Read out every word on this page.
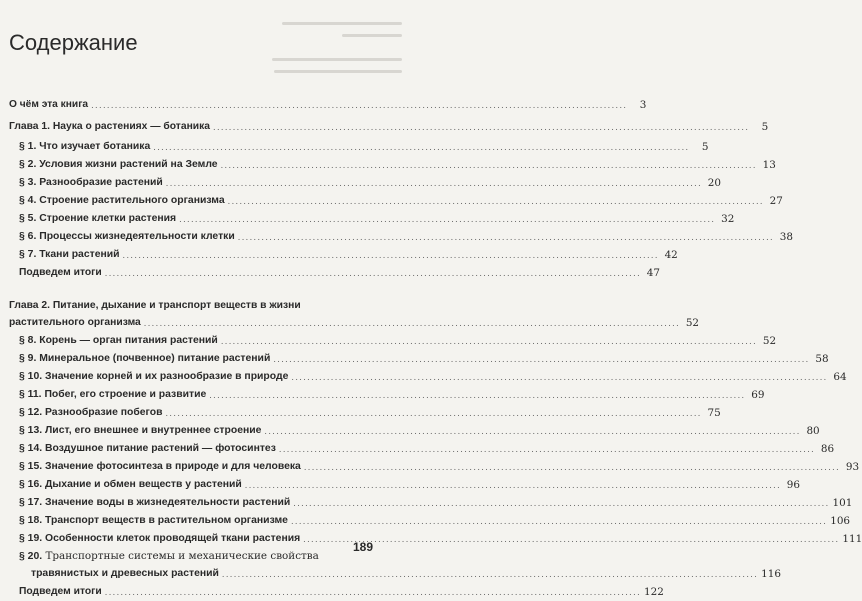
Содержание
О чём эта книга ........................................................................................................................................	3
Глава 1. Наука о растениях — ботаника ........................................................................................................................................	5
§ 1. Что изучает ботаника ........................................................................................................................................	5
§ 2. Условия жизни растений на Земле ........................................................................................................................................ 13
§ 3. Разнообразие растений ........................................................................................................................................ 20
§ 4. Строение растительного организма ........................................................................................................................................ 27
§ 5. Строение клетки растения ........................................................................................................................................ 32
§ 6. Процессы жизнедеятельности клетки ........................................................................................................................................ 38
§ 7. Ткани растений ........................................................................................................................................ 42
Подведем итоги ........................................................................................................................................ 47
Глава 2. Питание, дыхание и транспорт веществ в жизни
растительного организма ........................................................................................................................................ 52
§ 8. Корень — орган питания растений ........................................................................................................................................ 52
§ 9. Минеральное (почвенное) питание растений ........................................................................................................................................ 58
§ 10. Значение корней и их разнообразие в природе ........................................................................................................................................ 64
§ 11. Побег, его строение и развитие ........................................................................................................................................ 69
§ 12. Разнообразие побегов ........................................................................................................................................ 75
§ 13. Лист, его внешнее и внутреннее строение ........................................................................................................................................ 80
§ 14. Воздушное питание растений — фотосинтез ........................................................................................................................................ 86
§ 15. Значение фотосинтеза в природе и для человека ........................................................................................................................................ 93
§ 16. Дыхание и обмен веществ у растений ........................................................................................................................................ 96
§ 17. Значение воды в жизнедеятельности растений ........................................................................................................................................ 101
§ 18. Транспорт веществ в растительном организме ........................................................................................................................................ 106
§ 19. Особенности клеток проводящей ткани растения ........................................................................................................................................ 111
§ 20. Транспортные системы и механические свойства
травянистых и древесных растений ........................................................................................................................................ 116
Подведем итоги ........................................................................................................................................ 122
189
